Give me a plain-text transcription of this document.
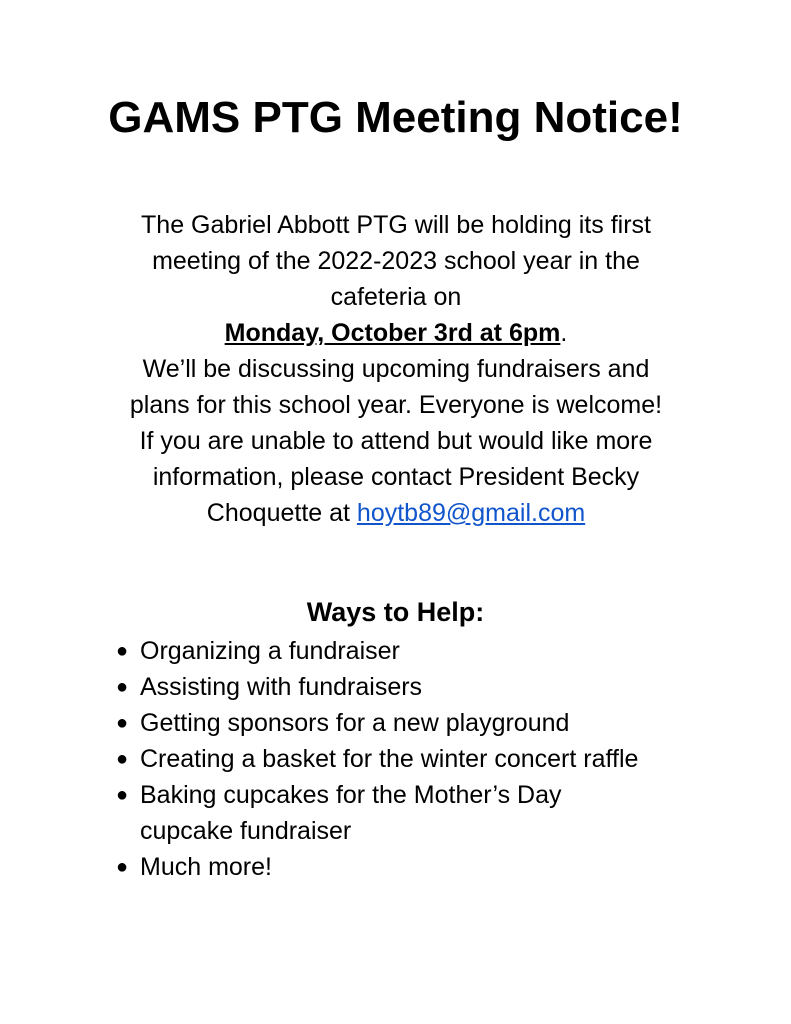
GAMS PTG Meeting Notice!

The Gabriel Abbott PTG will be holding its first
meeting of the 2022-2023 school year in the
cafeteria on
Monday, October 3rd at 6pm.
We’ll be discussing upcoming fundraisers and
plans for this school year. Everyone is welcome!
If you are unable to attend but would like more
information, please contact President Becky
Choquette at hoytb89@gmail.com

Ways to Help:
● Organizing a fundraiser
● Assisting with fundraisers
● Getting sponsors for a new playground
● Creating a basket for the winter concert raffle
● Baking cupcakes for the Mother’s Day
cupcake fundraiser
● Much more!
